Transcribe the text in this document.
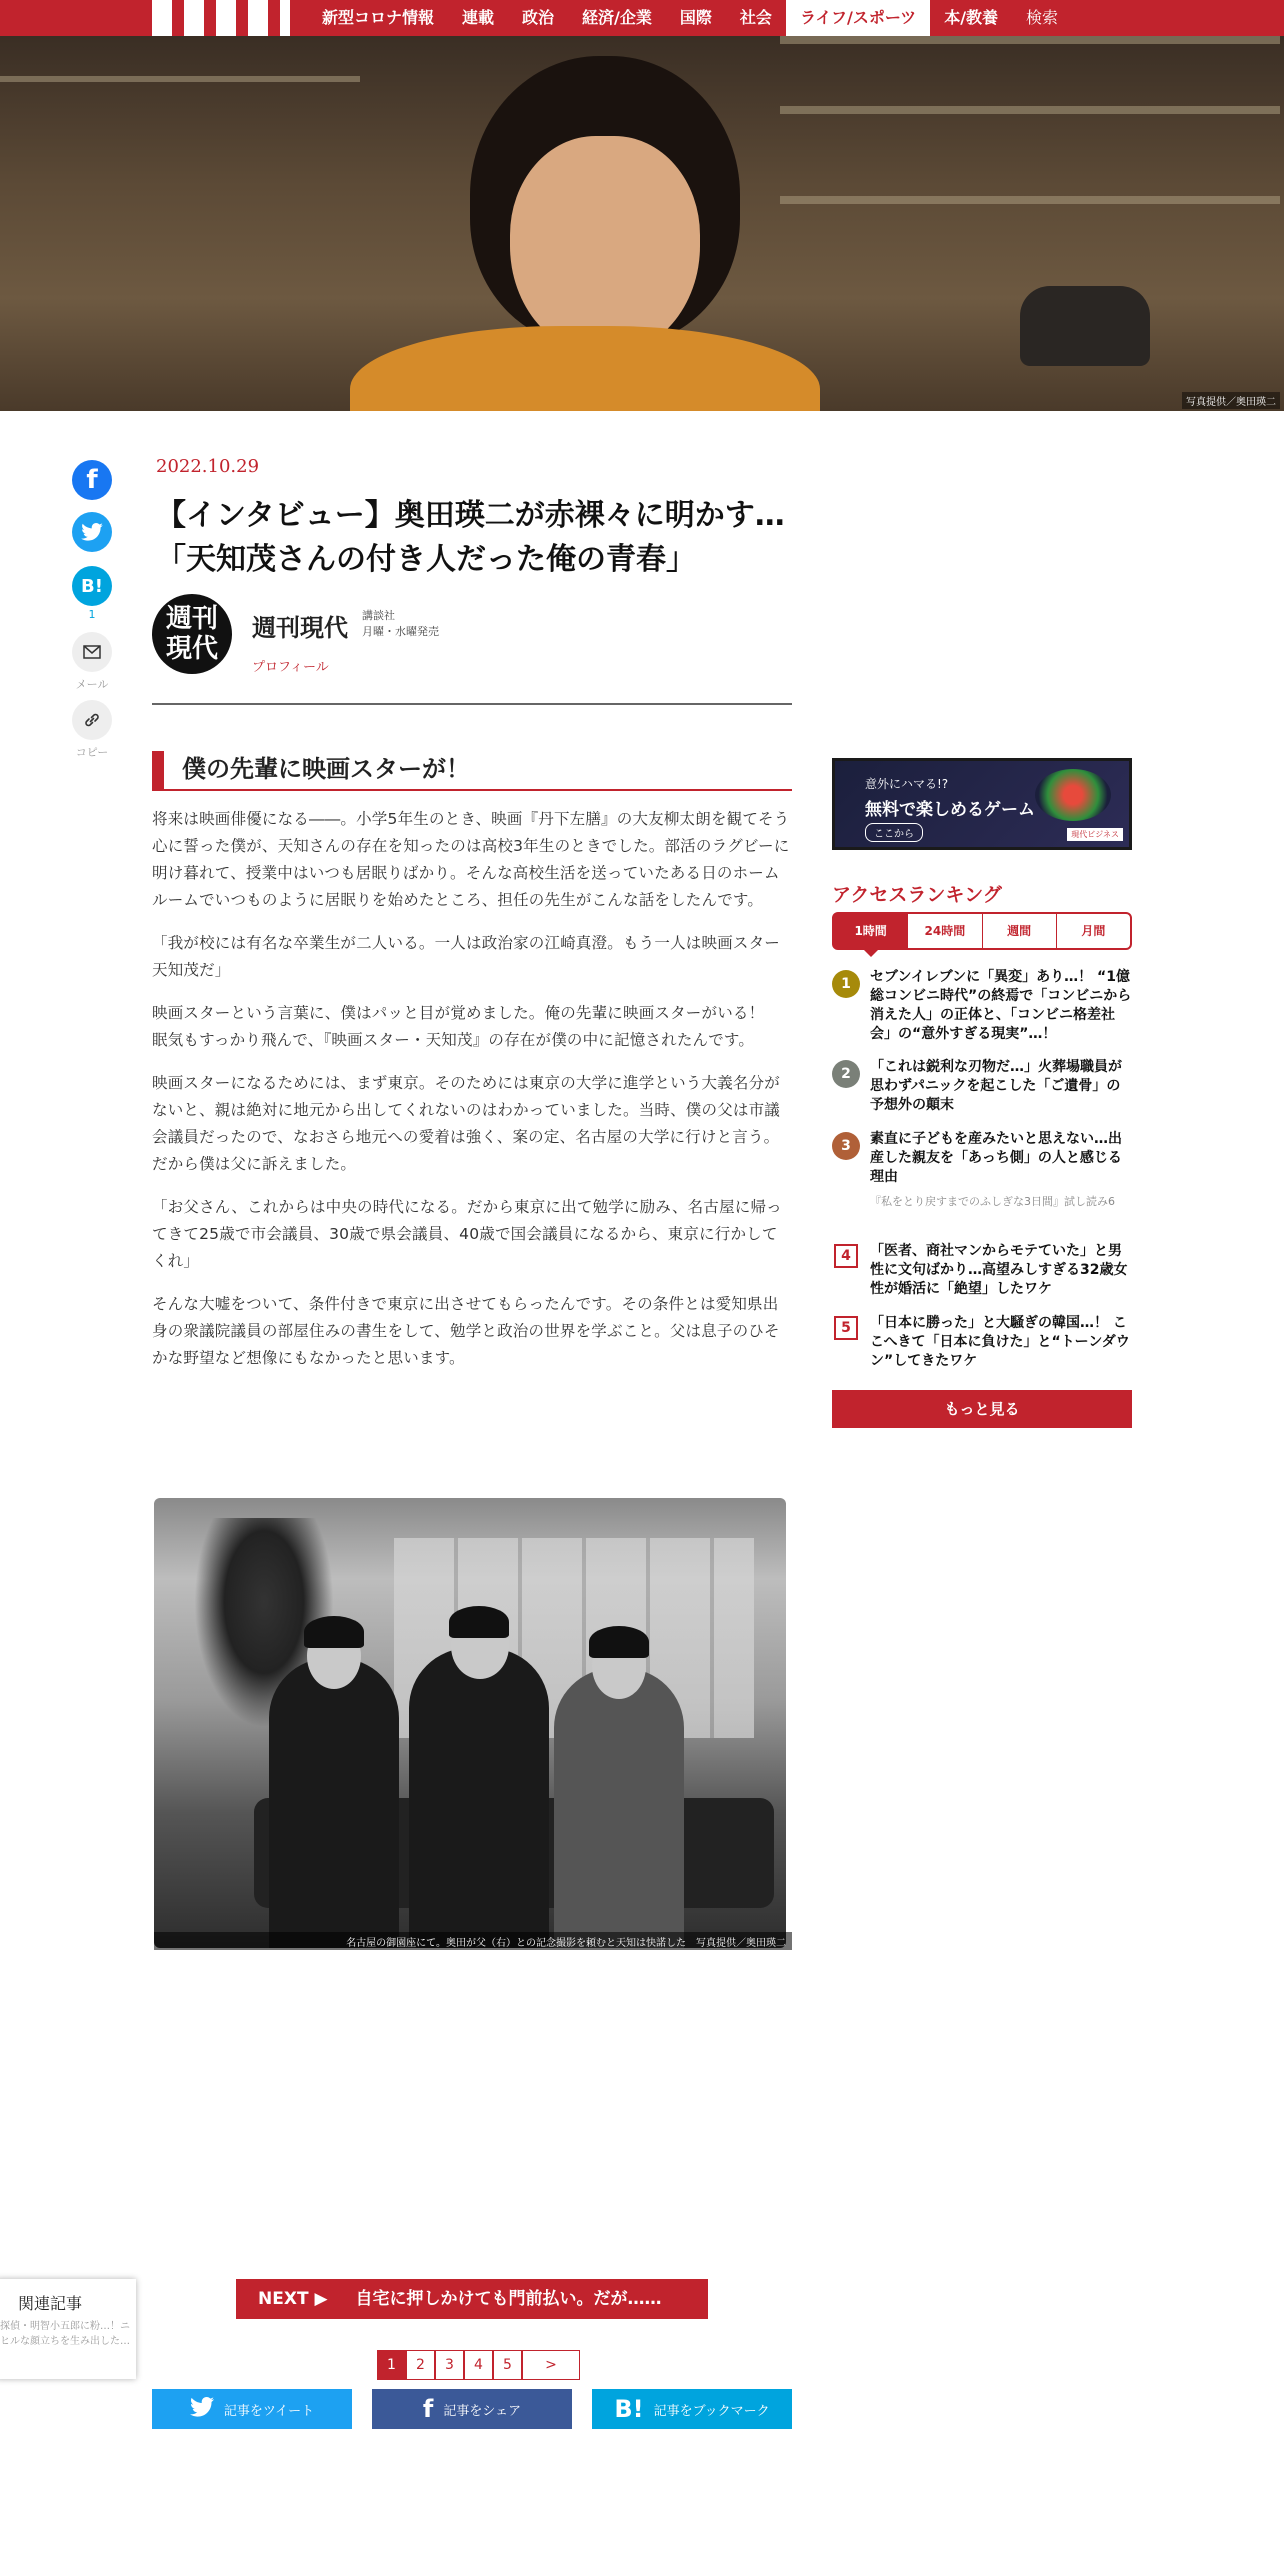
新型コロナ情報	連載	政治	経済/企業	国際	社会	ライフ/スポーツ	本/教養	検索
写真提供／奥田瑛二
f
B!
1
メール
コピー
2022.10.29
【インタビュー】奥田瑛二が赤裸々に明かす…
「天知茂さんの付き人だった俺の青春」
週刊
現代
週刊現代 講談社
月曜・水曜発売
プロフィール
僕の先輩に映画スターが！

将来は映画俳優になる――。小学5年生のとき、映画『丹下左膳』の大友柳太朗を観てそう心に誓った僕が、天知さんの存在を知ったのは高校3年生のときでした。部活のラグビーに明け暮れて、授業中はいつも居眠りばかり。そんな高校生活を送っていたある日のホームルームでいつものように居眠りを始めたところ、担任の先生がこんな話をしたんです。

「我が校には有名な卒業生が二人いる。一人は政治家の江崎真澄。もう一人は映画スター天知茂だ」

映画スターという言葉に、僕はパッと目が覚めました。俺の先輩に映画スターがいる！　眠気もすっかり飛んで、『映画スター・天知茂』の存在が僕の中に記憶されたんです。

映画スターになるためには、まず東京。そのためには東京の大学に進学という大義名分がないと、親は絶対に地元から出してくれないのはわかっていました。当時、僕の父は市議会議員だったので、なおさら地元への愛着は強く、案の定、名古屋の大学に行けと言う。だから僕は父に訴えました。

「お父さん、これからは中央の時代になる。だから東京に出て勉学に励み、名古屋に帰ってきて25歳で市会議員、30歳で県会議員、40歳で国会議員になるから、東京に行かしてくれ」

そんな大嘘をついて、条件付きで東京に出させてもらったんです。その条件とは愛知県出身の衆議院議員の部屋住みの書生をして、勉学と政治の世界を学ぶこと。父は息子のひそかな野望など想像にもなかったと思います。

名古屋の御園座にて。奥田が父（右）との記念撮影を頼むと天知は快諾した　写真提供／奥田瑛二
意外にハマる!?
無料で楽しめるゲーム
ここから	現代ビジネス
アクセスランキング
1時間	24時間	週間	月間
1	セブンイレブンに「異変」あり…！ “1億総コンビニ時代”の終焉で「コンビニから消えた人」の正体と、「コンビニ格差社会」の“意外すぎる現実”…！
2	「これは鋭利な刃物だ…」火葬場職員が思わずパニックを起こした「ご遺骨」の予想外の顛末
3	素直に子どもを産みたいと思えない…出産した親友を「あっち側」の人と感じる理由
『私をとり戻すまでのふしぎな3日間』試し読み6
4	「医者、商社マンからモテていた」と男性に文句ばかり…高望みしすぎる32歳女性が婚活に「絶望」したワケ
5	「日本に勝った」と大騒ぎの韓国…！ ここへきて「日本に負けた」と“トーンダウン”してきたワケ
もっと見る
関連記事
探偵・明智小五郎に粉…！ニヒルな顔立ちを生み出した…
NEXT ▶ 自宅に押しかけても門前払い。だが……
1	2	3	4	5	>
記事をツイート	f 記事をシェア	B! 記事をブックマーク
